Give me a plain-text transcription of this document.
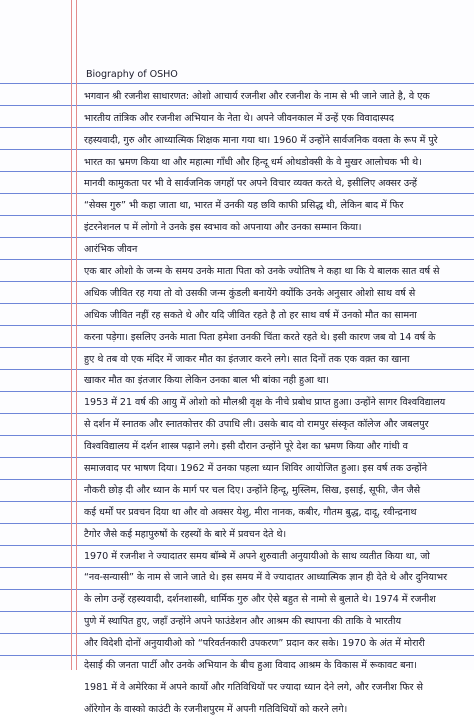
Biography of OSHO
भगवान श्री रजनीश साधारणत: ओशो आचार्य रजनीश और रजनीश के नाम से भी जाने जाते है, वे एक
भारतीय तांत्रिक और रजनीश अभियान के नेता थे। अपने जीवनकाल में उन्हें एक विवादास्पद
रहस्यवादी, गुरु और आध्यात्मिक शिक्षक माना गया था। 1960 में उन्होंने सार्वजनिक वक्ता के रूप में पुरे
भारत का भ्रमण किया था और महात्मा गाँधी और हिन्दू धर्म ओथडोक्सी के वे मुखर आलोचक भी थे।
मानवी कामुकता पर भी वे सार्वजनिक जगहों पर अपने विचार व्यक्त करते थे, इसीलिए अक्सर उन्हें
“सेक्स गुरु” भी कहा जाता था, भारत में उनकी यह छवि काफी प्रसिद्ध थी, लेकिन बाद में फिर
इंटरनेशनल प में लोगो ने उनके इस स्वभाव को अपनाया और उनका सम्मान किया।
आरंभिक जीवन
एक बार ओशो के जन्म के समय उनके माता पिता को उनके ज्योतिष ने कहा था कि ये बालक सात वर्ष से
अधिक जीवित रह गया तो वो उसकी जन्म कुंडली बनायेंगे क्योंकि उनके अनुसार ओशो साथ वर्ष से
अधिक जीवित नहीं रह सकते थे और यदि जीवित रहते है तो हर साथ वर्ष में उनको मौत का सामना
करना पड़ेगा। इसलिए उनके माता पिता हमेशा उनकी चिंता करते रहते थे। इसी कारण जब वो 14 वर्ष के
हुए थे तब वो एक मंदिर में जाकर मौत का इंतजार करने लगे। सात दिनों तक एक वक़्त का खाना
खाकर मौत का इंतजार किया लेकिन उनका बाल भी बांका नही हुआ था।
1953 में 21 वर्ष की आयु में ओशो को मौलश्री वृक्ष के नीचे प्रबोध प्राप्त हुआ। उन्होंने सागर विश्वविद्यालय
से दर्शन में स्नातक और स्नातकोत्तर की उपाधि ली। उसके बाद वो रामपुर संस्कृत कॉलेज और जबलपुर
विश्वविद्यालय में दर्शन शास्त्र पढ़ाने लगे। इसी दौरान उन्होंने पूरे देश का भ्रमण किया और गांधी व
समाजवाद पर भाषण दिया। 1962 में उनका पहला ध्यान शिविर आयोजित हुआ। इस वर्ष तक उन्होंने
नौकरी छोड़ दी और ध्यान के मार्ग पर चल दिए। उन्होंने हिन्दू, मुस्लिम, सिख, इसाई, सूफी, जैन जैसे
कई धर्मों पर प्रवचन दिया था और वो अक्सर येशु, मीरा नानक, कबीर, गौतम बुद्ध, दादू, रवीन्द्रनाथ
टैगोर जैसे कई महापुरुषों के रहस्यों के बारे में प्रवचन देते थे।
1970 में रजनीश ने ज्यादातर समय बॉम्बे में अपने शुरुवाती अनुयायीओ के साथ व्यतीत किया था, जो
“नव-सन्यासी” के नाम से जाने जाते थे। इस समय में वे ज्यादातर आध्यात्मिक ज्ञान ही देते थे और दुनियाभर
के लोग उन्हें रहस्यवादी, दर्शनशास्त्री, धार्मिक गुरु और ऐसे बहुत से नामो से बुलाते थे। 1974 में रजनीश
पुणे में स्थापित हुए, जहाँ उन्होंने अपने फाउंडेशन और आश्रम की स्थापना की ताकि वे भारतीय
और विदेशी दोनों अनुयायीओ को “परिवर्तनकारी उपकरण” प्रदान कर सके। 1970 के अंत में मोरारी
देसाई की जनता पार्टी और उनके अभियान के बीच हुआ विवाद आश्रम के विकास में रूकावट बना।
1981 में वे अमेरिका में अपने कार्यो और गतिविधियों पर ज्यादा ध्यान देने लगे, और रजनीश फिर से
ऑरेगोन के वास्को काउंटी के रजनीशपुरम में अपनी गतिविधियों को करने लगे।
